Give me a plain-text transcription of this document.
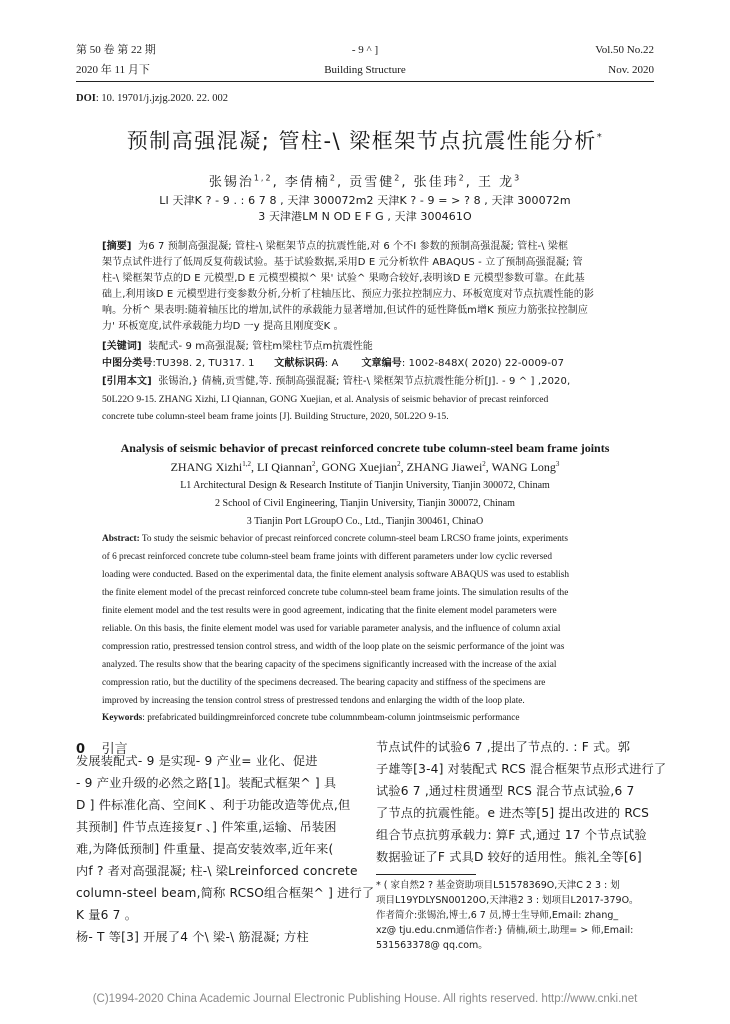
第 50 卷 第 22 期
2020 年 11 月下
- 9 ^ ]
Building Structure
Vol.50 No.22
Nov. 2020
DOI: 10. 19701/j.jzjg.2020. 22. 002
预制高强混凝; 管柱-\ 梁框架节点抗震性能分析*
张锡治$^{1,2}$, 李倩楠$^2$, 贡雪健$^2$, 张佳玮$^2$, 王 龙$^3$
LI 天津K ? - 9 . : 6 7 8 , 天津 300072m2 天津K ? - 9 = > ? 8 , 天津 300072m
3 天津港LM N OD E F G , 天津 300461O
[摘要] 为6 7 预制高强混凝; 管柱-\ 梁框架节点的抗震性能,对 6 个不I 参数的预制高强混凝; 管柱-\ 梁框
架节点试件进行了低周反复荷载试验。基于试验数据,采用D E 元分析软件 ABAQUS - 立了预制高强混凝; 管
柱-\ 梁框架节点的D E 元模型,D E 元模型模拟^ 果' 试验^ 果吻合较好,表明该D E 元模型参数可靠。在此基
础上,利用该D E 元模型进行变参数分析,分析了柱轴压比、预应力张拉控制应力、环板宽度对节点抗震性能的影
响。分析^ 果表明:随着轴压比的增加,试件的承载能力显著增加,但试件的延性降低m增K 预应力筋张拉控制应
力' 环板宽度,试件承载能力均D 一y 提高且刚度变K 。
[关键词] 装配式- 9 m高强混凝; 管柱m梁柱节点m抗震性能
中图分类号:TU398. 2, TU317. 1 文献标识码: A 文章编号: 1002-848X( 2020) 22-0009-07
[引用本文] 张锡治,} 倩楠,贡雪健,等. 预制高强混凝; 管柱-\ 梁框架节点抗震性能分析[J]. - 9 ^ ] ,2020,
50L22O 9-15. ZHANG Xizhi, LI Qiannan, GONG Xuejian, et al. Analysis of seismic behavior of precast reinforced
concrete tube column-steel beam frame joints [J]. Building Structure, 2020, 50L22O 9-15.
Analysis of seismic behavior of precast reinforced concrete tube column-steel beam frame joints
ZHANG Xizhi$^{1,2}$, LI Qiannan$^2$, GONG Xuejian$^2$, ZHANG Jiawei$^2$, WANG Long$^3$
L1 Architectural Design & Research Institute of Tianjin University, Tianjin 300072, Chinam
2 School of Civil Engineering, Tianjin University, Tianjin 300072, Chinam
3 Tianjin Port LGroupO Co., Ltd., Tianjin 300461, ChinaO
Abstract: To study the seismic behavior of precast reinforced concrete column-steel beam LRCSO frame joints, experiments
of 6 precast reinforced concrete tube column-steel beam frame joints with different parameters under low cyclic reversed
loading were conducted. Based on the experimental data, the finite element analysis software ABAQUS was used to establish
the finite element model of the precast reinforced concrete tube column-steel beam frame joints. The simulation results of the
finite element model and the test results were in good agreement, indicating that the finite element model parameters were
reliable. On this basis, the finite element model was used for variable parameter analysis, and the influence of column axial
compression ratio, prestressed tension control stress, and width of the loop plate on the seismic performance of the joint was
analyzed. The results show that the bearing capacity of the specimens significantly increased with the increase of the axial
compression ratio, but the ductility of the specimens decreased. The bearing capacity and stiffness of the specimens are
improved by increasing the tension control stress of prestressed tendons and enlarging the width of the loop plate.
Keywords: prefabricated buildingmreinforced concrete tube columnmbeam-column jointmseismic performance
0 引言
发展装配式- 9 是实现- 9 产业= 业化、促进
- 9 产业升级的必然之路[1]。装配式框架^ ] 具
D ] 件标准化高、空间K 、利于功能改造等优点,但
其预制] 件节点连接复r 、] 件笨重,运输、吊装困
难,为降低预制] 件重量、提高安装效率,近年来(
内f ? 者对高强混凝; 柱-\ 梁Lreinforced concrete
column-steel beam,简称 RCSO组合框架^ ] 进行了
K 量6 7 。
杨- T 等[3] 开展了4 个\ 梁-\ 筋混凝; 方柱
节点试件的试验6 7 ,提出了节点的. : F 式。郭
子雄等[3-4] 对装配式 RCS 混合框架节点形式进行了
试验6 7 ,通过柱贯通型 RCS 混合节点试验,6 7
了节点的抗震性能。e 进杰等[5] 提出改进的 RCS
组合节点抗剪承载力: 算F 式,通过 17 个节点试验
数据验证了F 式具D 较好的适用性。熊礼全等[6]
* ( 家自然2 ? 基金资助项目L51578369O,天津C 2 3 : 划
项目L19YDLYSN00120O,天津港2 3 : 划项目L2017-379O。
作者简介:张锡治,博士,6 7 员,博士生导师,Email: zhang_
xz@ tju.edu.cnm通信作者:} 倩楠,硕士,助理= > 师,Email:
531563378@ qq.com。
(C)1994-2020 China Academic Journal Electronic Publishing House. All rights reserved. http://www.cnki.net
